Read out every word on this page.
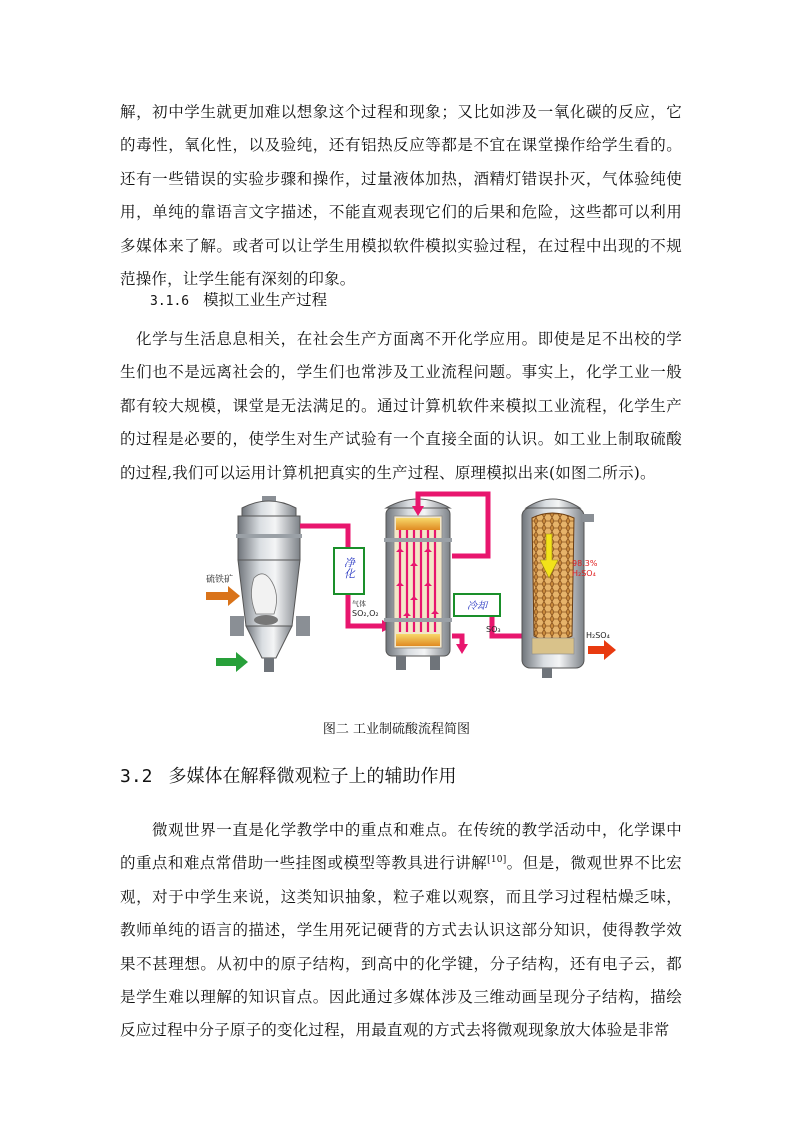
解，初中学生就更加难以想象这个过程和现象；又比如涉及一氧化碳的反应，它的毒性，氧化性，以及验纯，还有铝热反应等都是不宜在课堂操作给学生看的。还有一些错误的实验步骤和操作，过量液体加热，酒精灯错误扑灭，气体验纯使用，单纯的靠语言文字描述，不能直观表现它们的后果和危险，这些都可以利用多媒体来了解。或者可以让学生用模拟软件模拟实验过程，在过程中出现的不规范操作，让学生能有深刻的印象。

3.1.6 模拟工业生产过程

化学与生活息息相关，在社会生产方面离不开化学应用。即使是足不出校的学生们也不是远离社会的，学生们也常涉及工业流程问题。事实上，化学工业一般都有较大规模，课堂是无法满足的。通过计算机软件来模拟工业流程，化学生产的过程是必要的，使学生对生产试验有一个直接全面的认识。如工业上制取硫酸的过程,我们可以运用计算机把真实的生产过程、原理模拟出来(如图二所示)。

硫铁矿
净化
气体
SO₂,O₂
冷却
SO₃
98.3%
H₂SO₄
H₂SO₄
图二 工业制硫酸流程简图
3.2 多媒体在解释微观粒子上的辅助作用

微观世界一直是化学教学中的重点和难点。在传统的教学活动中，化学课中的重点和难点常借助一些挂图或模型等教具进行讲解[10]。但是，微观世界不比宏观，对于中学生来说，这类知识抽象，粒子难以观察，而且学习过程枯燥乏味，教师单纯的语言的描述，学生用死记硬背的方式去认识这部分知识，使得教学效果不甚理想。从初中的原子结构，到高中的化学键，分子结构，还有电子云，都是学生难以理解的知识盲点。因此通过多媒体涉及三维动画呈现分子结构，描绘反应过程中分子原子的变化过程，用最直观的方式去将微观现象放大体验是非常
